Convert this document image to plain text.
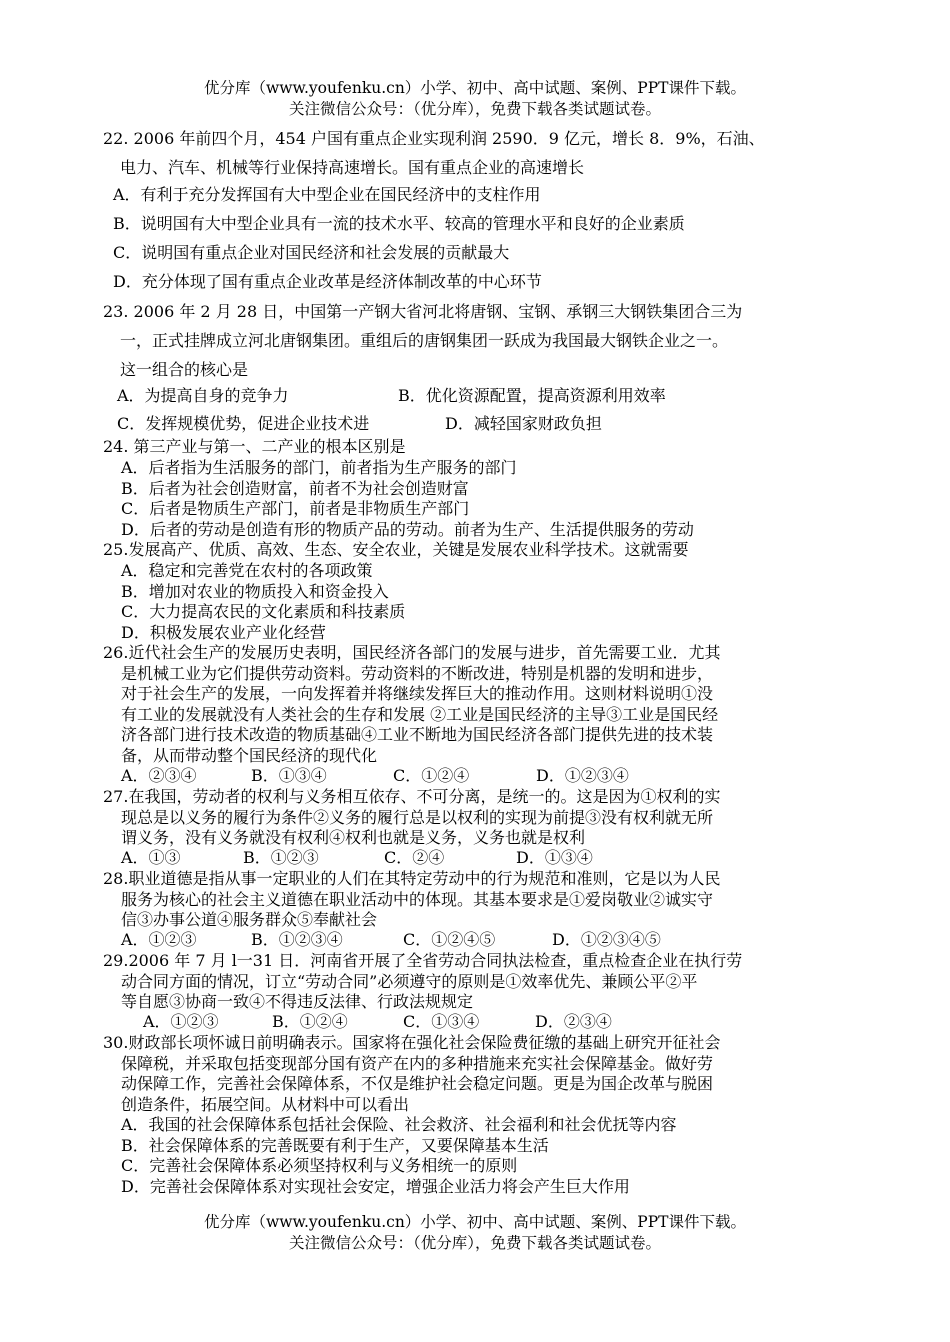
优分库（www.youfenku.cn）小学、初中、高中试题、案例、PPT课件下载。
关注微信公众号：（优分库），免费下载各类试题试卷。
22. 2006 年前四个月，454 户国有重点企业实现利润 2590．9 亿元，增长 8．9%，石油、
电力、汽车、机械等行业保持高速增长。国有重点企业的高速增长
A．有利于充分发挥国有大中型企业在国民经济中的支柱作用
B．说明国有大中型企业具有一流的技术水平、较高的管理水平和良好的企业素质
C．说明国有重点企业对国民经济和社会发展的贡献最大
D．充分体现了国有重点企业改革是经济体制改革的中心环节
23. 2006 年 2 月 28 日，中国第一产钢大省河北将唐钢、宝钢、承钢三大钢铁集团合三为
一，正式挂牌成立河北唐钢集团。重组后的唐钢集团一跃成为我国最大钢铁企业之一。
这一组合的核心是
A．为提高自身的竞争力	B．优化资源配置，提高资源利用效率
C．发挥规模优势，促进企业技术进	D．减轻国家财政负担
24. 第三产业与第一、二产业的根本区别是
A．后者指为生活服务的部门，前者指为生产服务的部门
B．后者为社会创造财富，前者不为社会创造财富
C．后者是物质生产部门，前者是非物质生产部门
D．后者的劳动是创造有形的物质产品的劳动。前者为生产、生活提供服务的劳动
25.发展高产、优质、高效、生态、安全农业，关键是发展农业科学技术。这就需要
A．稳定和完善党在农村的各项政策
B．增加对农业的物质投入和资金投入
C．大力提高农民的文化素质和科技素质
D．积极发展农业产业化经营
26.近代社会生产的发展历史表明，国民经济各部门的发展与进步，首先需要工业．尤其
是机械工业为它们提供劳动资料。劳动资料的不断改进，特别是机器的发明和进步，
对于社会生产的发展，一向发挥着并将继续发挥巨大的推动作用。这则材料说明①没
有工业的发展就没有人类社会的生存和发展 ②工业是国民经济的主导③工业是国民经
济各部门进行技术改造的物质基础④工业不断地为国民经济各部门提供先进的技术装
备，从而带动整个国民经济的现代化
A．②③④	B．①③④	C．①②④	D．①②③④
27.在我国，劳动者的权利与义务相互依存、不可分离，是统一的。这是因为①权利的实
现总是以义务的履行为条件②义务的履行总是以权利的实现为前提③没有权利就无所
谓义务，没有义务就没有权利④权利也就是义务，义务也就是权利
A．①③	B．①②③	C．②④	D．①③④
28.职业道德是指从事一定职业的人们在其特定劳动中的行为规范和准则，它是以为人民
服务为核心的社会主义道德在职业活动中的体现。其基本要求是①爱岗敬业②诚实守
信③办事公道④服务群众⑤奉献社会
A．①②③	B．①②③④	C．①②④⑤	D．①②③④⑤
29.2006 年 7 月 l一31 日．河南省开展了全省劳动合同执法检查，重点检查企业在执行劳
动合同方面的情况，订立“劳动合同”必须遵守的原则是①效率优先、兼顾公平②平
等自愿③协商一致④不得违反法律、行政法规规定
A．①②③	B．①②④	C．①③④	D．②③④
30.财政部长项怀诚日前明确表示。国家将在强化社会保险费征缴的基础上研究开征社会
保障税，并采取包括变现部分国有资产在内的多种措施来充实社会保障基金。做好劳
动保障工作，完善社会保障体系，不仅是维护社会稳定问题。更是为国企改革与脱困
创造条件，拓展空间。从材料中可以看出
A．我国的社会保障体系包括社会保险、社会救济、社会福利和社会优抚等内容
B．社会保障体系的完善既要有利于生产，又要保障基本生活
C．完善社会保障体系必须坚持权利与义务相统一的原则
D．完善社会保障体系对实现社会安定，增强企业活力将会产生巨大作用
优分库（www.youfenku.cn）小学、初中、高中试题、案例、PPT课件下载。
关注微信公众号：（优分库），免费下载各类试题试卷。
